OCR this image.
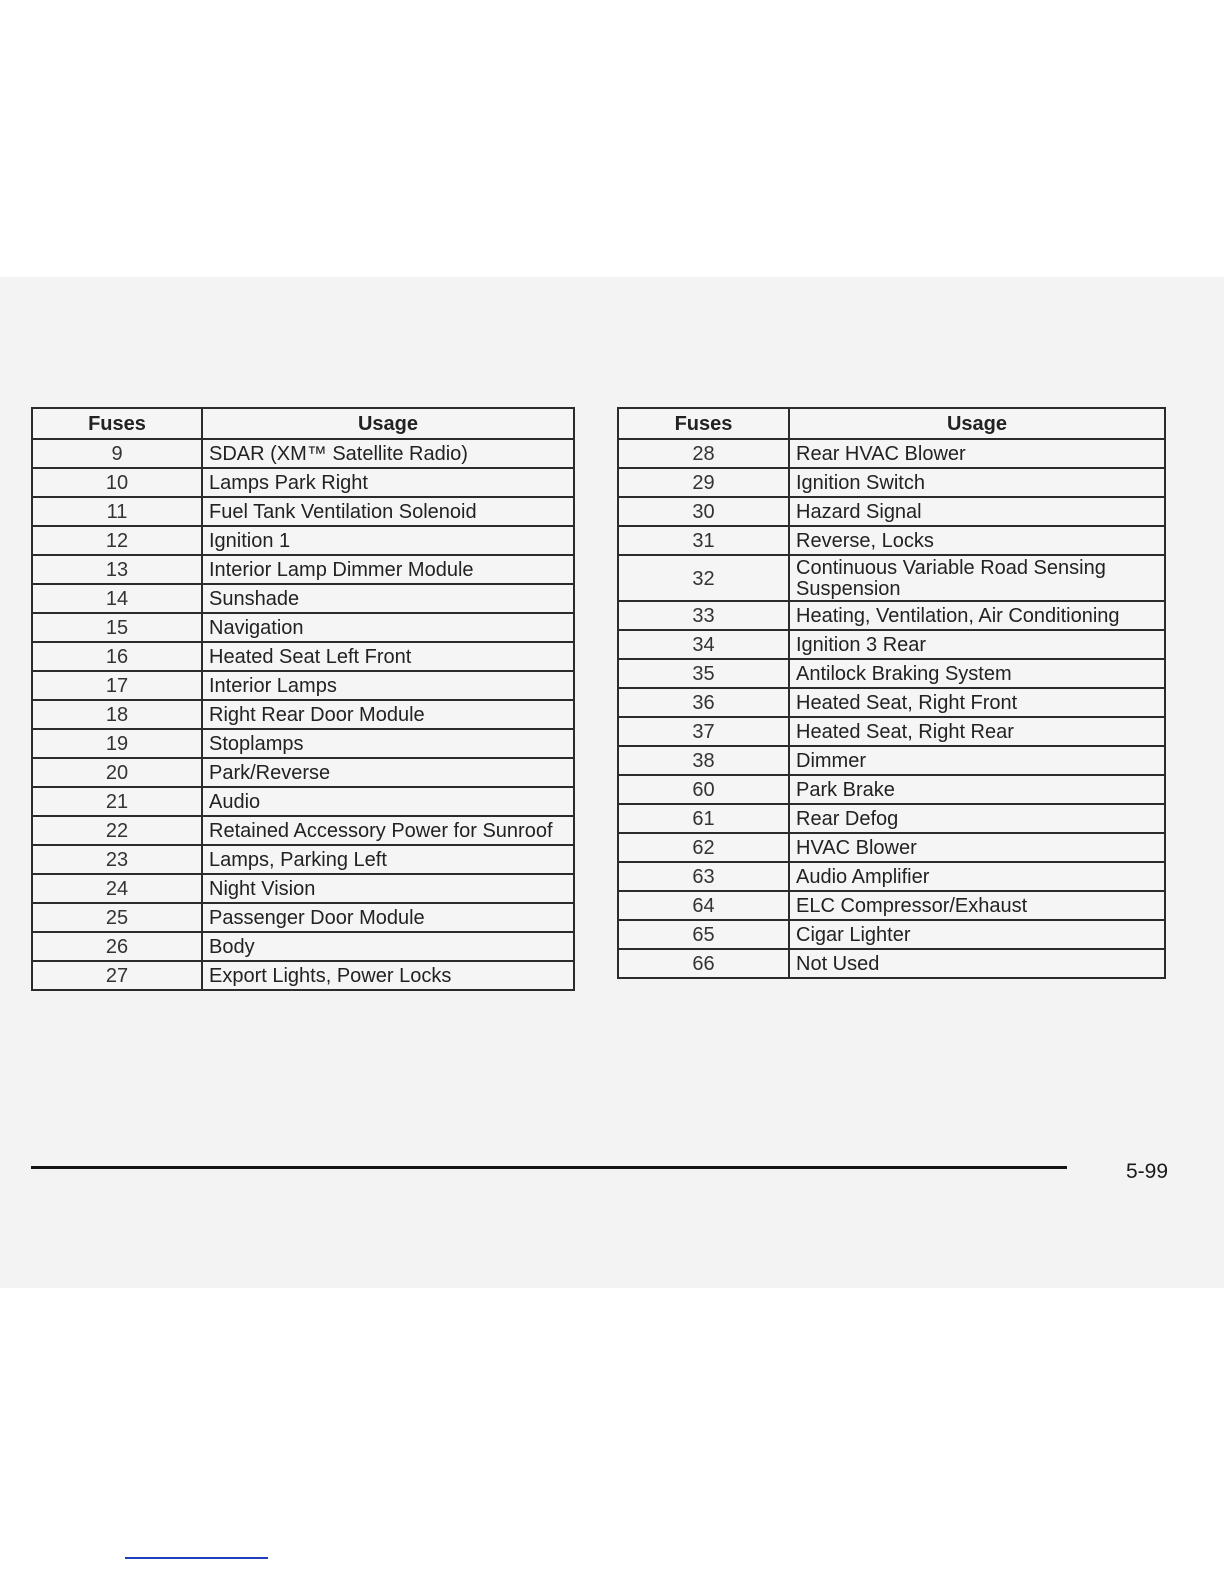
Fuses	Usage
9	SDAR (XM™ Satellite Radio)
10	Lamps Park Right
11	Fuel Tank Ventilation Solenoid
12	Ignition 1
13	Interior Lamp Dimmer Module
14	Sunshade
15	Navigation
16	Heated Seat Left Front
17	Interior Lamps
18	Right Rear Door Module
19	Stoplamps
20	Park/Reverse
21	Audio
22	Retained Accessory Power for Sunroof
23	Lamps, Parking Left
24	Night Vision
25	Passenger Door Module
26	Body
27	Export Lights, Power Locks
Fuses	Usage
28	Rear HVAC Blower
29	Ignition Switch
30	Hazard Signal
31	Reverse, Locks
32	Continuous Variable Road Sensing Suspension
33	Heating, Ventilation, Air Conditioning
34	Ignition 3 Rear
35	Antilock Braking System
36	Heated Seat, Right Front
37	Heated Seat, Right Rear
38	Dimmer
60	Park Brake
61	Rear Defog
62	HVAC Blower
63	Audio Amplifier
64	ELC Compressor/Exhaust
65	Cigar Lighter
66	Not Used
5-99
